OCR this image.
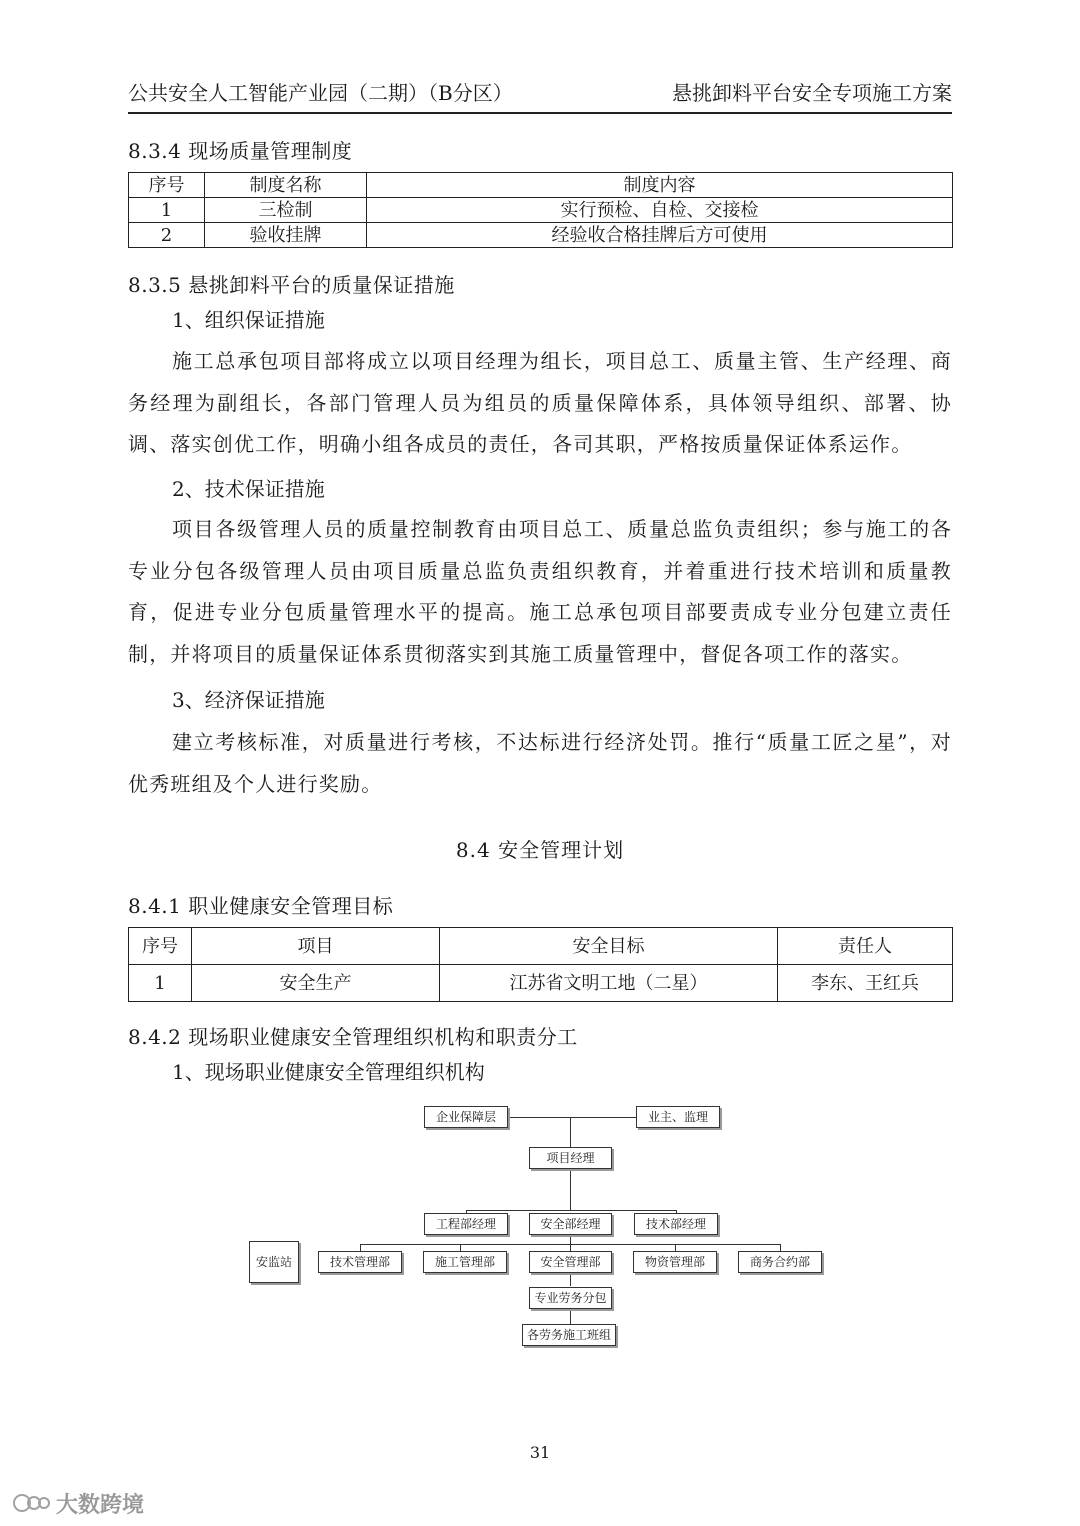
公共安全人工智能产业园（二期）（B分区）	悬挑卸料平台安全专项施工方案
8.3.4 现场质量管理制度
序号	制度名称	制度内容
1	三检制	实行预检、自检、交接检
2	验收挂牌	经验收合格挂牌后方可使用
8.3.5 悬挑卸料平台的质量保证措施
1、组织保证措施
施工总承包项目部将成立以项目经理为组长，项目总工、质量主管、生产经理、商务经理为副组长，各部门管理人员为组员的质量保障体系，具体领导组织、部署、协调、落实创优工作，明确小组各成员的责任，各司其职，严格按质量保证体系运作。
2、技术保证措施
项目各级管理人员的质量控制教育由项目总工、质量总监负责组织；参与施工的各专业分包各级管理人员由项目质量总监负责组织教育，并着重进行技术培训和质量教育，促进专业分包质量管理水平的提高。施工总承包项目部要责成专业分包建立责任制，并将项目的质量保证体系贯彻落实到其施工质量管理中，督促各项工作的落实。
3、经济保证措施
建立考核标准，对质量进行考核，不达标进行经济处罚。推行“质量工匠之星”，对优秀班组及个人进行奖励。
8.4 安全管理计划
8.4.1 职业健康安全管理目标
序号	项目	安全目标	责任人
1	安全生产	江苏省文明工地（二星）	李东、王红兵
8.4.2 现场职业健康安全管理组织机构和职责分工
1、现场职业健康安全管理组织机构
企业保障层	业主、监理
项目经理
工程部经理	安全部经理	技术部经理
安监站	技术管理部	施工管理部	安全管理部	物资管理部	商务合约部
专业劳务分包
各劳务施工班组
31
大数跨境
